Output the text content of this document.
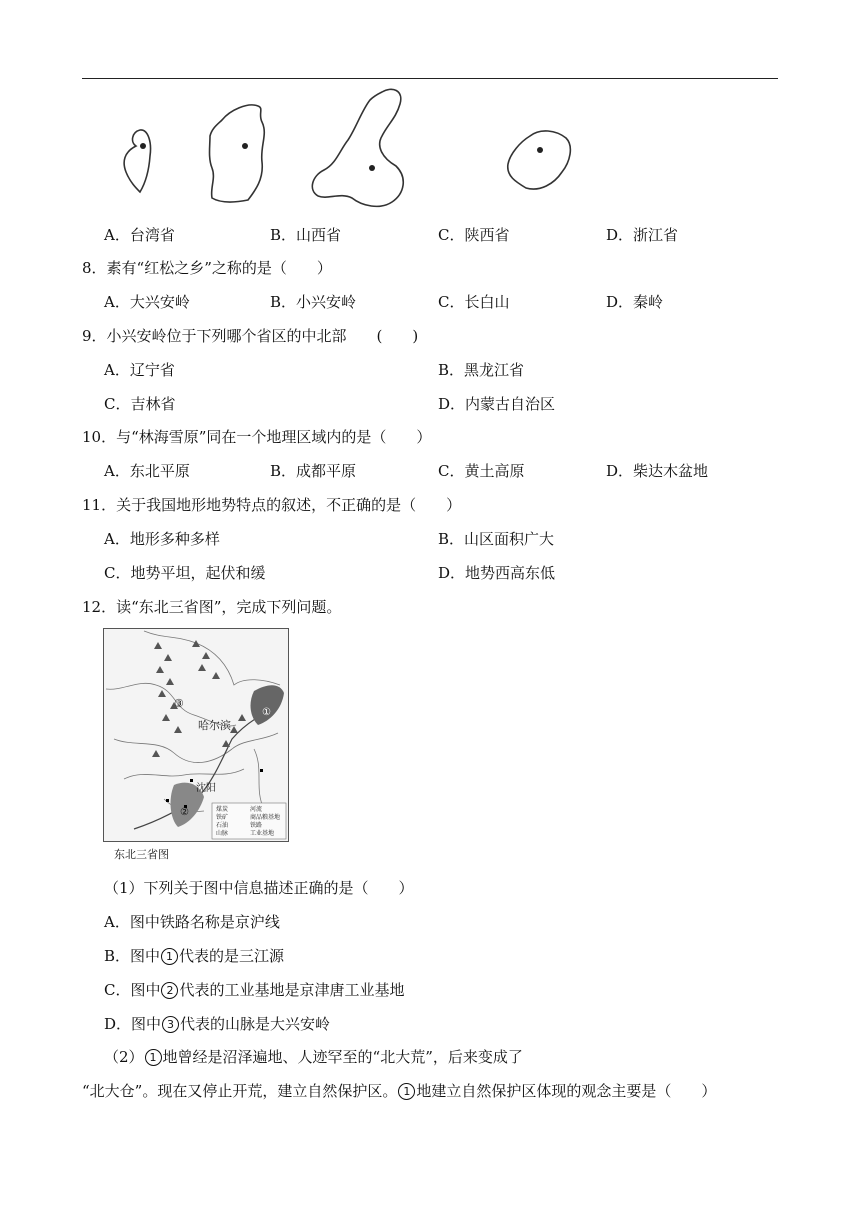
A．台湾省	B．山西省	C．陕西省	D．浙江省
8．素有“红松之乡”之称的是（　　）
A．大兴安岭	B．小兴安岭	C．长白山	D．秦岭
9．小兴安岭位于下列哪个省区的中北部　　(　　)
A．辽宁省	B．黑龙江省
C．吉林省	D．内蒙古自治区
10．与“林海雪原”同在一个地理区域内的是（　　）
A．东北平原	B．成都平原	C．黄土高原	D．柴达木盆地
11．关于我国地形地势特点的叙述，不正确的是（　　）
A．地形多种多样	B．山区面积广大
C．地势平坦，起伏和缓	D．地势西高东低
12．读“东北三省图”，完成下列问题。
③
①
②
哈尔滨
沈阳
煤炭	河流
铁矿	商品粮基地
石油	铁路
山脉	工业基地
东北三省图
（1）下列关于图中信息描述正确的是（　　）
A．图中铁路名称是京沪线
B．图中 1 代表的是三江源
C．图中 2 代表的工业基地是京津唐工业基地
D．图中 3 代表的山脉是大兴安岭
（2） 1 地曾经是沼泽遍地、人迹罕至的“北大荒”，后来变成了
“北大仓”。现在又停止开荒，建立自然保护区。 1 地建立自然保护区体现的观念主要是（　　）
